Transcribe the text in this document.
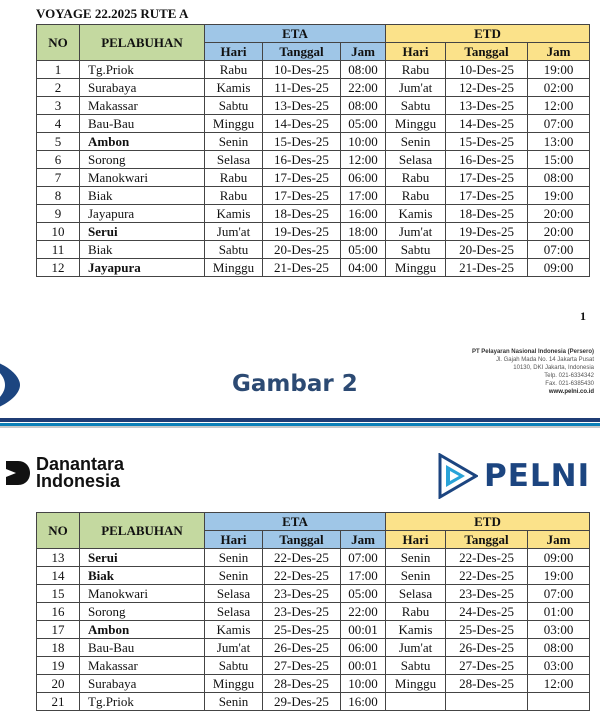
VOYAGE 22.2025 RUTE A
NO	PELABUHAN	ETA			ETD		
		Hari	Tanggal	Jam	Hari	Tanggal	Jam
1	Tg.Priok	Rabu	10-Des-25	08:00	Rabu	10-Des-25	19:00
2	Surabaya	Kamis	11-Des-25	22:00	Jum'at	12-Des-25	02:00
3	Makassar	Sabtu	13-Des-25	08:00	Sabtu	13-Des-25	12:00
4	Bau-Bau	Minggu	14-Des-25	05:00	Minggu	14-Des-25	07:00
5	Ambon	Senin	15-Des-25	10:00	Senin	15-Des-25	13:00
6	Sorong	Selasa	16-Des-25	12:00	Selasa	16-Des-25	15:00
7	Manokwari	Rabu	17-Des-25	06:00	Rabu	17-Des-25	08:00
8	Biak	Rabu	17-Des-25	17:00	Rabu	17-Des-25	19:00
9	Jayapura	Kamis	18-Des-25	16:00	Kamis	18-Des-25	20:00
10	Serui	Jum'at	19-Des-25	18:00	Jum'at	19-Des-25	20:00
11	Biak	Sabtu	20-Des-25	05:00	Sabtu	20-Des-25	07:00
12	Jayapura	Minggu	21-Des-25	04:00	Minggu	21-Des-25	09:00
1
PT Pelayaran Nasional Indonesia (Persero)
Jl. Gajah Mada No. 14 Jakarta Pusat
10130, DKI Jakarta, Indonesia
Telp. 021-6334342
Fax. 021-6385430
www.pelni.co.id
Gambar 2
Danantara
Indonesia	PELNI
NO	PELABUHAN	ETA			ETD		
		Hari	Tanggal	Jam	Hari	Tanggal	Jam
13	Serui	Senin	22-Des-25	07:00	Senin	22-Des-25	09:00
14	Biak	Senin	22-Des-25	17:00	Senin	22-Des-25	19:00
15	Manokwari	Selasa	23-Des-25	05:00	Selasa	23-Des-25	07:00
16	Sorong	Selasa	23-Des-25	22:00	Rabu	24-Des-25	01:00
17	Ambon	Kamis	25-Des-25	00:01	Kamis	25-Des-25	03:00
18	Bau-Bau	Jum'at	26-Des-25	06:00	Jum'at	26-Des-25	08:00
19	Makassar	Sabtu	27-Des-25	00:01	Sabtu	27-Des-25	03:00
20	Surabaya	Minggu	28-Des-25	10:00	Minggu	28-Des-25	12:00
21	Tg.Priok	Senin	29-Des-25	16:00			
